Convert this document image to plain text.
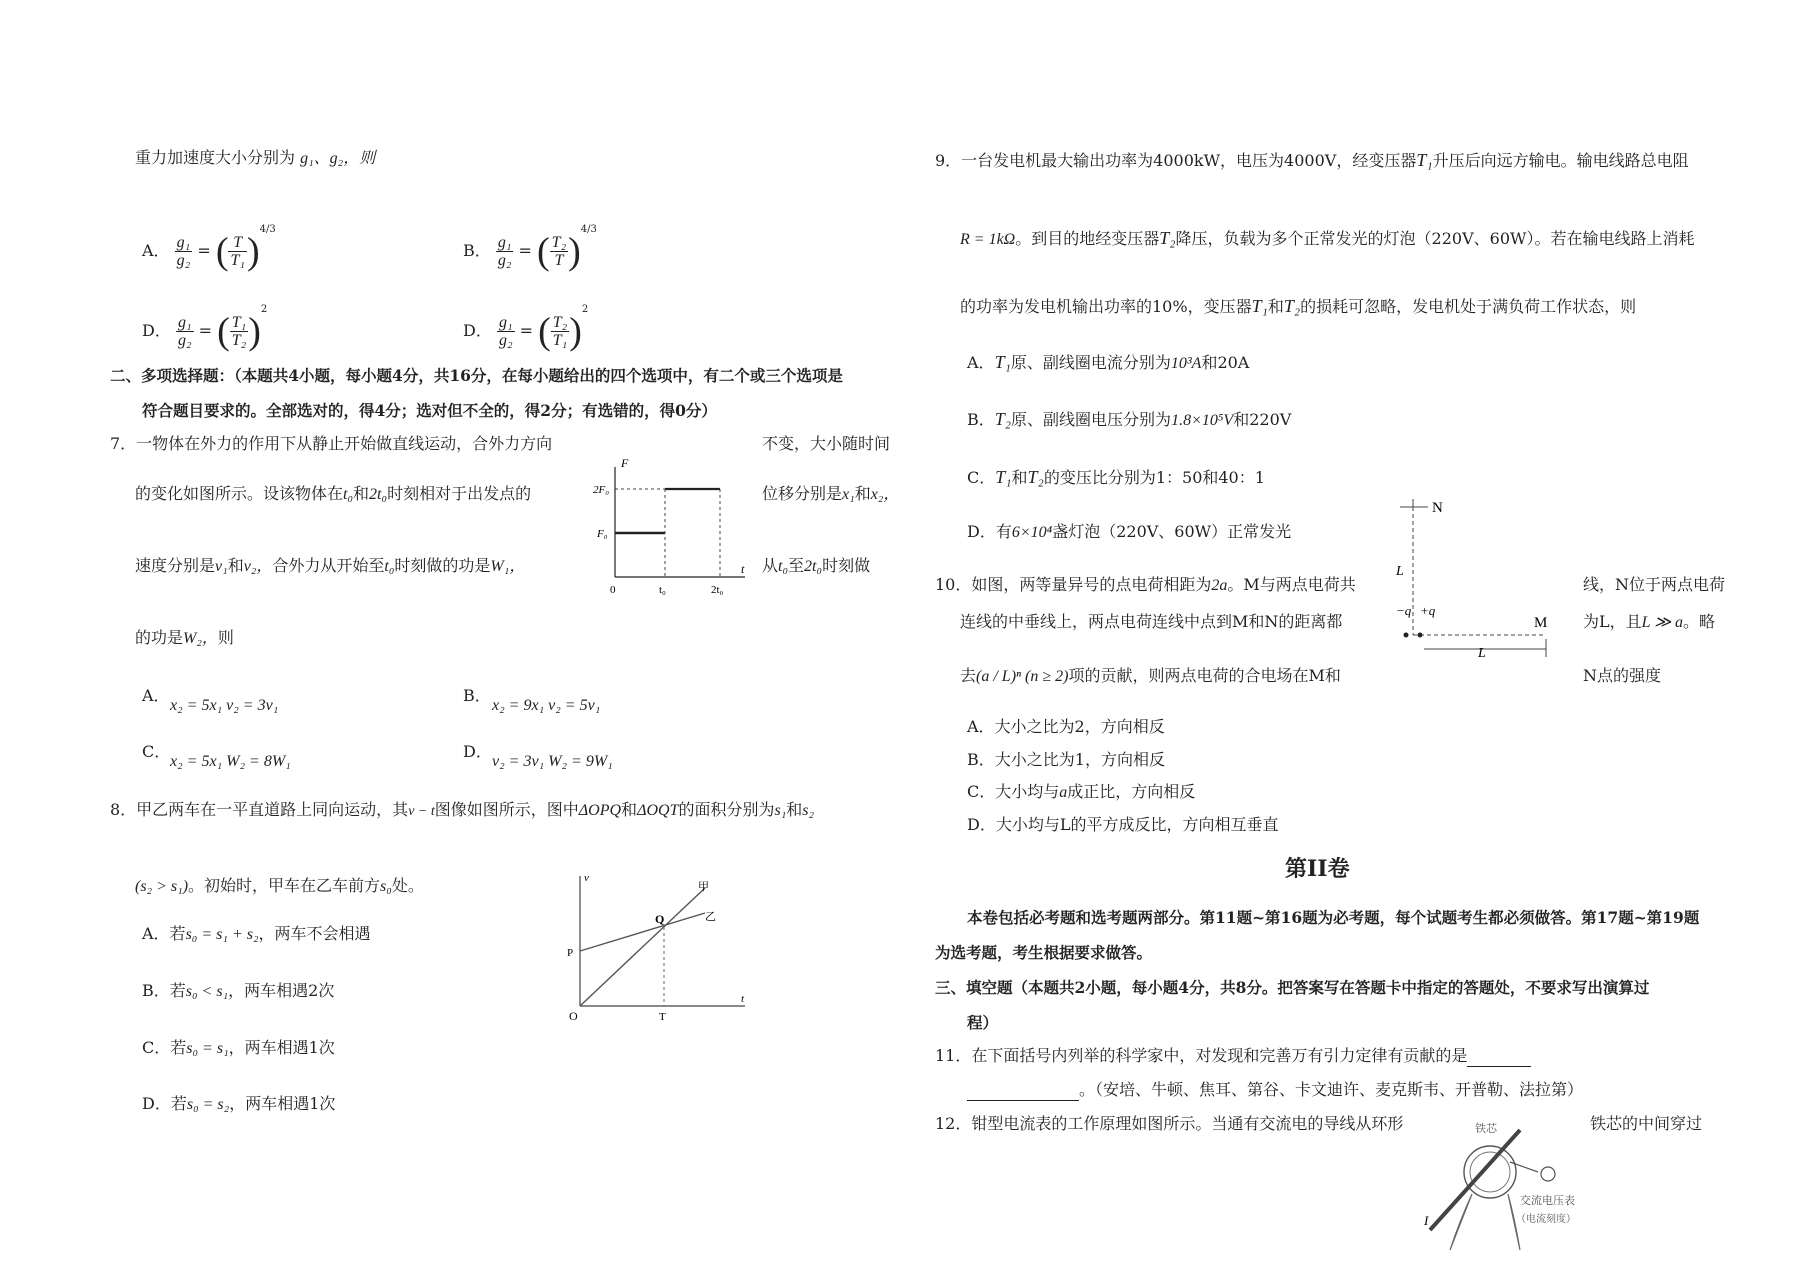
重力加速度大小分别为 g₁、g₂，则
A． $\frac{\text{g₁}}{\text{g₂}}$ = ( $\frac{T}{\text{T₁}} )^{4/3}$
B． $\frac{\text{g₁}}{\text{g₂}}$ = ( $\frac{\text{T₂}}{T} )^{4/3}$
D． $\frac{\text{g₁}}{\text{g₂}}$ = ( $\frac{\text{T₁}}{\text{T₂}} )^2$
D． $\frac{\text{g₁}}{\text{g₂}}$ = ( $\frac{\text{T₂}}{\text{T₁}} )^2$
二、多项选择题：（本题共4小题，每小题4分，共16分，在每小题给出的四个选项中，有二个或三个选项是
符合题目要求的。全部选对的，得4分；选对但不全的，得2分；有选错的，得0分）
7．一物体在外力的作用下从静止开始做直线运动，合外力方向	不变，大小随时间
的变化如图所示。设该物体在t₀和2t₀时刻相对于出发点的	位移分别是x₁和x₂，
速度分别是v₁和v₂，合外力从开始至t₀时刻做的功是W₁，	从t₀至2t₀时刻做
的功是W₂，则
F
2F₀
F₀
t
0	t₀	2t₀
A．
x₂ = 5x₁ v₂ = 3v₁
B．
x₂ = 9x₁ v₂ = 5v₁
C．
x₂ = 5x₁ W₂ = 8W₁
D．
v₂ = 3v₁ W₂ = 9W₁
8．甲乙两车在一平直道路上同向运动，其v − t图像如图所示，图中ΔOPQ和ΔOQT的面积分别为s₁和s₂
(s₂ > s₁)。初始时，甲车在乙车前方s₀处。
A．若s₀ = s₁ + s₂，两车不会相遇
B．若s₀ < s₁，两车相遇2次
C．若s₀ = s₁，两车相遇1次
D．若s₀ = s₂，两车相遇1次
v
t
O
P
Q
T
甲
乙
9．一台发电机最大输出功率为4000kW，电压为4000V，经变压器T₁升压后向远方输电。输电线路总电阻
R = 1kΩ。到目的地经变压器T₂降压，负载为多个正常发光的灯泡（220V、60W）。若在输电线路上消耗
的功率为发电机输出功率的10%，变压器T₁和T₂的损耗可忽略，发电机处于满负荷工作状态，则
A．T₁原、副线圈电流分别为10³A和20A
B．T₂原、副线圈电压分别为1.8×10⁵V和220V
C．T₁和T₂的变压比分别为1：50和40：1
D．有6×10⁴盏灯泡（220V、60W）正常发光
10．如图，两等量异号的点电荷相距为2a。M与两点电荷共	线，N位于两点电荷
连线的中垂线上，两点电荷连线中点到M和N的距离都	为L，且L ≫ a。略
去(a / L)ⁿ (n ≥ 2)项的贡献，则两点电荷的合电场在M和	N点的强度
N
L
M
−q +q
L
A．大小之比为2，方向相反
B．大小之比为1，方向相反
C．大小均与a成正比，方向相反
D．大小均与L的平方成反比，方向相互垂直
第II卷
本卷包括必考题和选考题两部分。第11题~第16题为必考题，每个试题考生都必须做答。第17题~第19题
为选考题，考生根据要求做答。
三、填空题（本题共2小题，每小题4分，共8分。把答案写在答题卡中指定的答题处，不要求写出演算过
程）
11．在下面括号内列举的科学家中，对发现和完善万有引力定律有贡献的是
。（安培、牛顿、焦耳、第谷、卡文迪许、麦克斯韦、开普勒、法拉第）
12．钳型电流表的工作原理如图所示。当通有交流电的导线从环形	铁芯的中间穿过
铁芯
I
交流电压表
（电流刻度）
